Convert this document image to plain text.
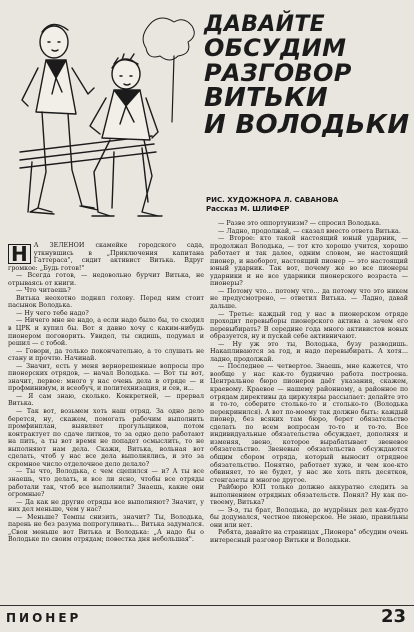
ДАВАЙТЕ
ОБСУДИМ
РАЗГОВОР
ВИТЬКИ
И ВОЛОДЬКИ
РИС. ХУДОЖНОРА Л. САВАНОВА
Рассказ М. ШЛИФЕР
Н А ЗЕЛЕНОЙ скамейке городского сада, уткнувшись в „Приключения капитана Гаттераса", сидит активист Витька. Вдруг громкое: „Будь готов!"

— Всегда готов, — недовольно бурчит Витька, не отрываясь от книги.

— Что читаешь?

Витька неохотно поднял голову. Перед ним стоит пасынок Володька.

— Ну чего тебе надо?

— Ничего мне не надо, а если надо было бы, то сходил в ЦРК и купил бы. Вот я давно хочу с каким-нибудь пионером поговорить. Увидел, ты сидишь, подумал и решил — с тобой.

— Говори, да только покончательно, а то слушать не стану и прочтю. Начинай.

— Значит, есть у меня вернорешенные вопросы про пионерских отрядов, — начал Володька. — Вот ты вот, значит, первое: много у нас очень дела в отряде — и профминимум, и всеобуч, и политехнизация, и сев, и...

— Я сам знаю, сколько. Конкретней, — прервал Витька.

— Так вот, возьмем хоть наш отряд. За одно дело берется, ну, скажем, помогать рабочим выполнить промфинплан, выявляет прогульщиков, потом контрактует по сдаче литков, то за одно дело работают на пить, а ты вот время не попадет осмыслить, то не выполняют нам дела. Скажи, Витька, вольная вот сделать, чтоб у нас все дела выполнялись, и это за скромное число отделочное дело делало?

— Ты что, Володька, с чем сцепился — и? А ты все знаешь, что делать, и все ли ясно, чтобы все отряды работали так, чтоб все выполнили? Знаешь, какие они огромные?

— Да как не другие отряды все выполняют? Значит, у них дел меньше, чем у нас?

— Меньше? Темпы снизить, значит? Ты, Володька, парень не без разума попрогуливать... Витька задумался. „Свои меньше вот Витька и Володька: „А надо бы о Володьке по своим отрядам; повестка дня небольшая".

— Разве это оппортунизм? — спросил Володька.

— Ладно, продолжай, — сказал вместо ответа Витька.

— Второе: кто такой настоящий юный ударник, — продолжал Володька, — тот кто хорошо учится, хорошо работает и так далее, одним словом, не настоящий пионер, и наоборот, настоящий пионер — это настоящий юный ударник. Так вот, почему же во все пионеры ударники и не все ударники пионерского возраста — пионеры?

— Потому что... потому что... да потому что это никем не предусмотрено, — ответил Витька. — Ладно, давай дальше.

— Третье: каждый год у нас в пионерском отряде проходит перевыборы пионерского актива а зачем его перевыбирать? В середине года много активистов новых образуется, ну и пускай себе активничают.

— Ну уж это ты, Володька, бузу разводишь. Накапливаются за год, и надо перевыбирать. А хотя... ладно, продолжай.

— Последнее — четвертое. Знаешь, мне кажется, что вообще у нас как-то буднично работа построена. Центральное бюро пионеров даёт указания, скажем, краевому. Краевое — нашему районному, а районное по отрядам директивы да циркуляры рассылает: делайте это и то-то, соберите столько-то и столько-то (Володька перекринился). А вот по-моему так должно быть: каждый пионер, без всяких там бюро, берет обязательство сделать по всем вопросам то-то и то-то. Все индивидуальные обязательства обсуждает, дополняя и изменяя, звено, которое вырабатывает звеневое обязательство. Звеневые обязательства обсуждаются общим сбором отряда, который выносит отрядное обязательство. Понятно, работает хуже, и чем кое-кто обвиняет, то не будет, у нас же хоть пять десятков, стенгазеты и многое другое.

Райбюро ЮП только должно аккуратно следить за выполнением отрядных обязательств. Понял? Ну как по-твоему, Витька?

— Э-э, ты брат, Володька, до мудрёных дел как-будто бы додумался, честное пионерское. Не знаю, правильны они или нет.

Ребята, давайте на страницах „Пионера" обсудим очень интересный разговор Витьки и Володьки.

ПИОНЕР	23
